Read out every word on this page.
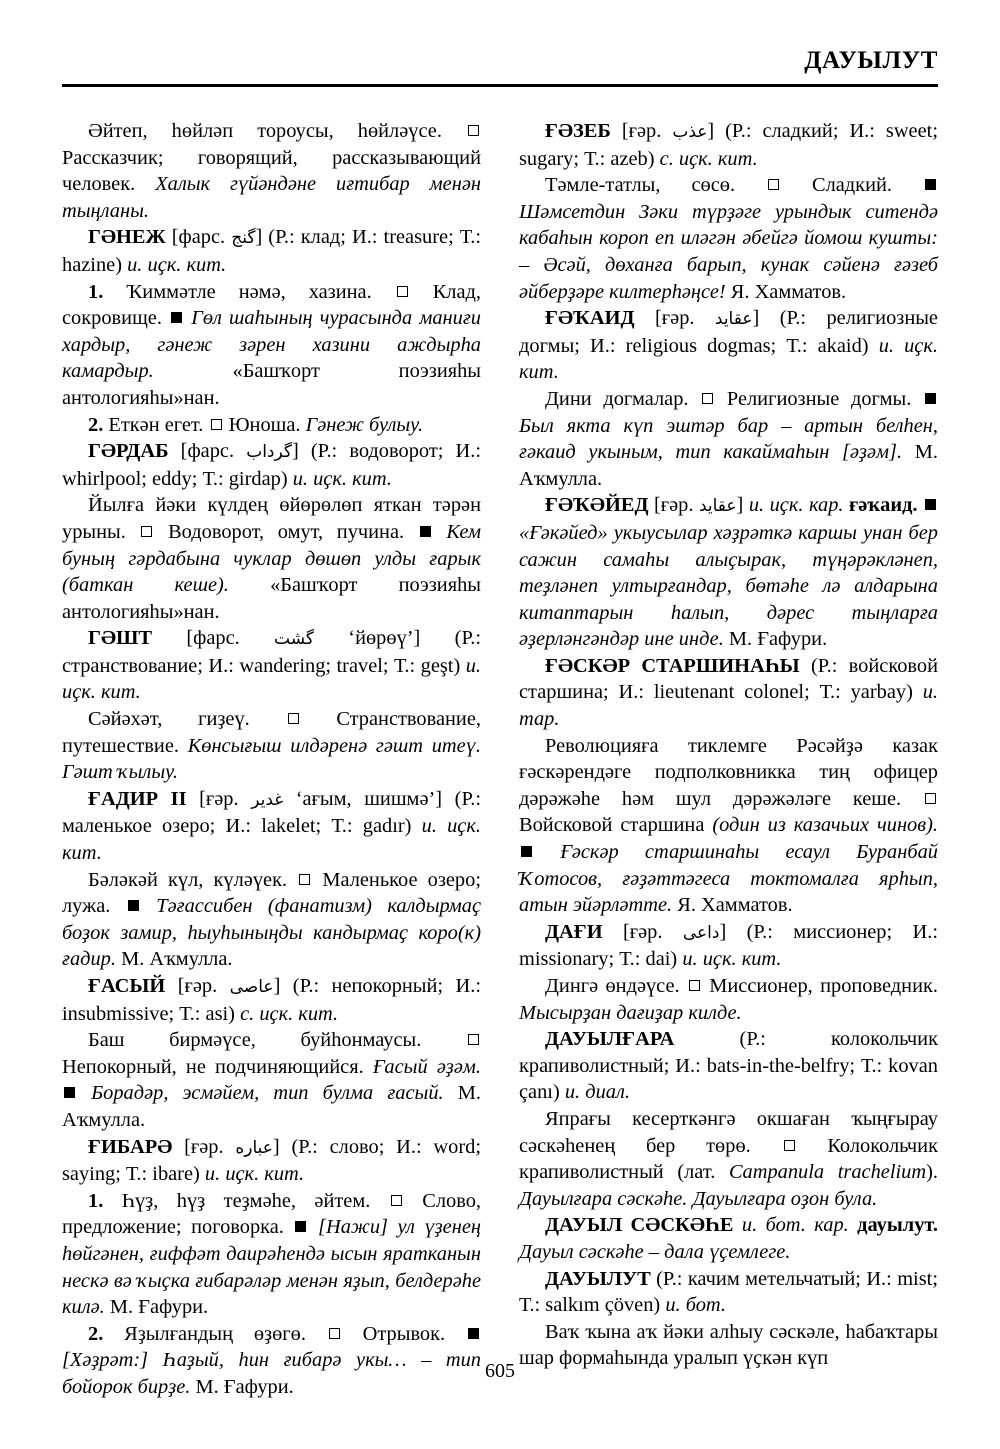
ДАУЫЛУТ

Әйтеп, һөйләп тороусы, һөйләүсе.  Рассказчик; говорящий, рассказывающий человек. Халык гүйәндәне иғтибар менән тыңланы.

ГӘНЕЖ [фарс. گنج] (Р.: клад; И.: treasure; Т.: hazine) и. иҫк. кит.

1. Ҡиммәтле нәмә, хазина.  Клад, сокровище.  Гөл шаһының чурасында маниғи хардыр, гәнеж зәрен хазини аждырһа камардыр. «Башҡорт поэзияһы антологияһы»нан.

2. Еткән егет.  Юноша. Гәнеж булыу.

ГӘРДАБ [фарс. گرداب] (Р.: водоворот; И.: whirlpool; eddy; Т.: girdap) и. иҫк. кит.

Йылға йәки күлдең өйөрөлөп яткан тәрән урыны.  Водоворот, омут, пучина.  Кем буның гәрдабына чуклар дөшөп улды ғарык (баткан кеше). «Башҡорт поэзияһы антологияһы»нан.

ГӘШТ [фарс. گشت ‘йөрөү’] (Р.: странствование; И.: wandering; travel; Т.: geşt) и. иҫк. кит.

Сәйәхәт, гиҙеү.  Странствование, путешествие. Көнсығыш илдәренә гәшт итеү. Гәшт ҡылыу.

ҒАДИР II [ғәр. غدير ‘ағым, шишмә’] (Р.: маленькое озеро; И.: lakelet; Т.: gadır) и. иҫк. кит.

Бәләкәй күл, күләүек.  Маленькое озеро; лужа.  Тәғассибен (фанатизм) калдырмаҫ боҙок замир, һыуһыныңды кандырмаҫ коро(к) ғадир. М. Аҡмулла.

ҒАСЫЙ [ғәр. عاصى] (Р.: непокорный; И.: insubmissive; Т.: asi) с. иҫк. кит.

Баш бирмәүсе, буйһонмаусы.  Непокорный, не подчиняющийся. Ғасый әҙәм.  Борадәр, эсмәйем, тип булма ғасый. М. Аҡмулла.

ҒИБАРӘ [ғәр. عباره] (Р.: слово; И.: word; saying; Т.: ibare) и. иҫк. кит.

1. Һүҙ, һүҙ теҙмәһе, әйтем.  Слово, предложение; поговорка.  [Нажи] ул үҙенең һөйгәнен, ғиффәт даирәһендә ысын яратканын нескә вә ҡыҫка ғибарәләр менән яҙып, белдерәһе килә. М. Ғафури.

2. Яҙылғандың өҙөгө.  Отрывок.  [Хәҙрәт:] Һаҙый, һин ғибарә укы… – тип бойорок бирҙе. М. Ғафури.

ҒӘЗЕБ [ғәр. عذب] (Р.: сладкий; И.: sweet; sugary; Т.: azeb) с. иҫк. кит.

Тәмле-татлы, сөсө.  Сладкий.  Шәмсетдин Зәки түрҙәге урындык ситендә кабаһын короп еп иләгән әбейгә йомош кушты: – Әсәй, дөханға барып, кунак сәйенә ғәзеб әйберҙәре килтерһәңсе! Я. Хамматов.

ҒӘҠАИД [ғәр. عقايد] (Р.: религиозные догмы; И.: religious dogmas; Т.: akaid) и. иҫк. кит.

Дини догмалар.  Религиозные догмы.  Был якта күп эштәр бар – артын белһен, ғәкаид укыным, тип какаймаһын [әҙәм]. М. Аҡмулла.

ҒӘҠӘЙЕД [ғәр. عقايد] и. иҫк. кар. ғәҡаид.  «Ғәкәйед» укыусылар хәҙрәткә каршы унан бер сажин самаһы алыҫырак, түңәрәкләнеп, теҙләнеп ултырғандар, бөтәһе лә алдарына китаптарын һалып, дәрес тыңларға әҙерләнгәндәр ине инде. М. Ғафури.

ҒӘСКӘР СТАРШИНАҺЫ (Р.: войсковой старшина; И.: lieutenant colonel; Т.: yarbay) и. тар.

Революцияға тиклемге Рәсәйҙә казак ғәскәрендәге подполковникка тиң офицер дәрәжәһе һәм шул дәрәжәләге кеше.  Войсковой старшина (один из казачьих чинов).  Ғәскәр старшинаһы есаул Буранбай Ҡотосов, ғәҙәттәгеса токтомалға ярһып, атын эйәрләтте. Я. Хамматов.

ДАҒИ [ғәр. داعى] (Р.: миссионер; И.: missionary; Т.: dai) и. иҫк. кит.

Дингә өндәүсе.  Миссионер, проповедник. Мысырҙан дағиҙар килде.

ДАУЫЛҒАРА (Р.: колокольчик крапиволистный; И.: bats-in-the-belfry; Т.: kovan çanı) и. диал.

Япрағы кесерткәнгә окшаған ҡыңғырау сәскәһенең бер төрө.  Колокольчик крапиволистный (лат. Campanula trachelium). Дауылғара сәскәһе. Дауылғара оҙон була.

ДАУЫЛ СӘСКӘҺЕ и. бот. кар. дауылут. Дауыл сәскәһе – дала үҫемлеге.

ДАУЫЛУТ (Р.: качим метельчатый; И.: mist; Т.: salkım çöven) и. бот.

Ваҡ ҡына аҡ йәки алһыу сәскәле, һабаҡтары шар формаһында уралып үҫкән күп

605
